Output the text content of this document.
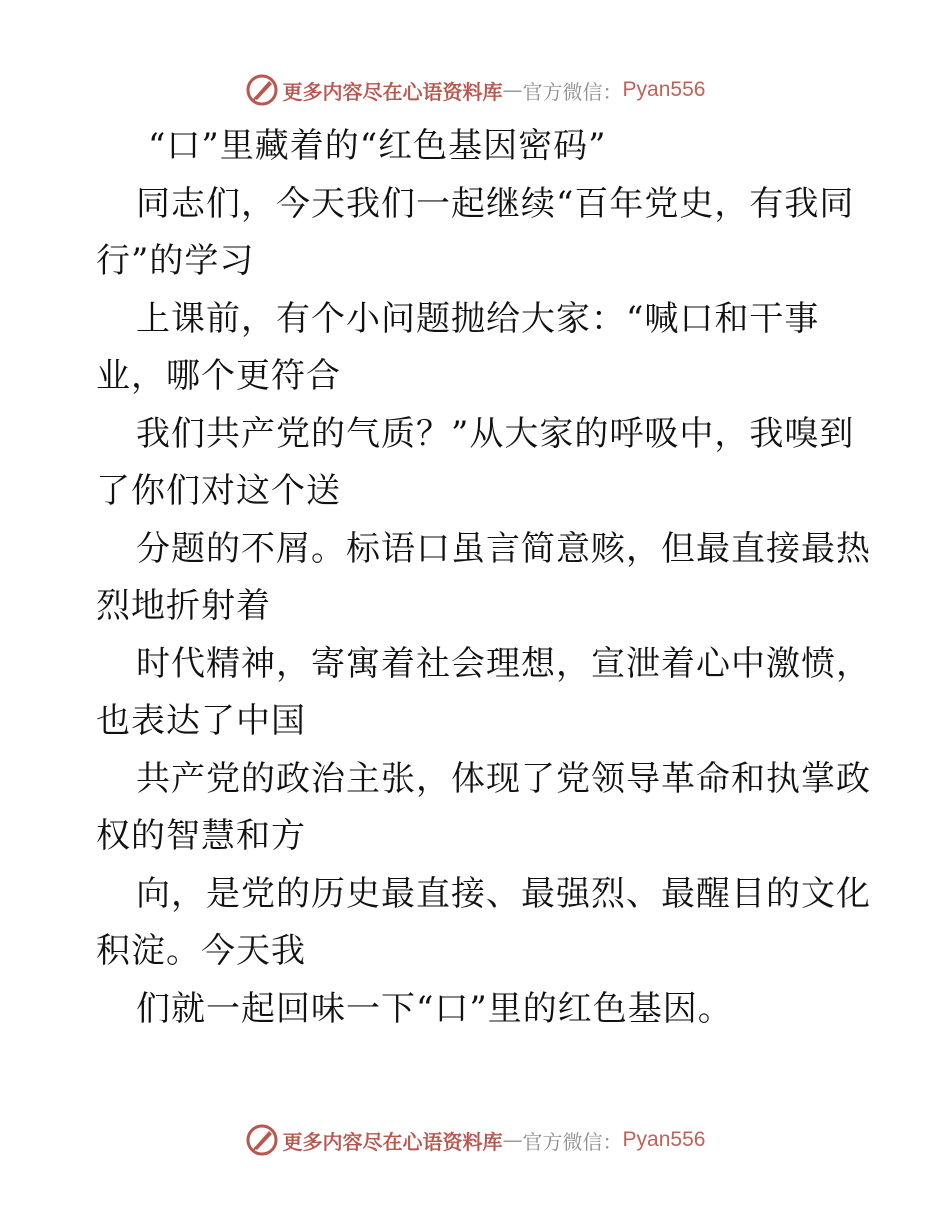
更多内容尽在心语资料库 — 官方微信： Pyan556
“口”里藏着的“红色基因密码”
同志们，今天我们一起继续“百年党史，有我同
行”的学习
上课前，有个小问题抛给大家：“喊口和干事
业，哪个更符合
我们共产党的气质？”从大家的呼吸中，我嗅到
了你们对这个送
分题的不屑。标语口虽言简意赅，但最直接最热
烈地折射着
时代精神，寄寓着社会理想，宣泄着心中激愤，
也表达了中国
共产党的政治主张，体现了党领导革命和执掌政
权的智慧和方
向，是党的历史最直接、最强烈、最醒目的文化
积淀。今天我
们就一起回味一下“口”里的红色基因。
更多内容尽在心语资料库 — 官方微信： Pyan556
